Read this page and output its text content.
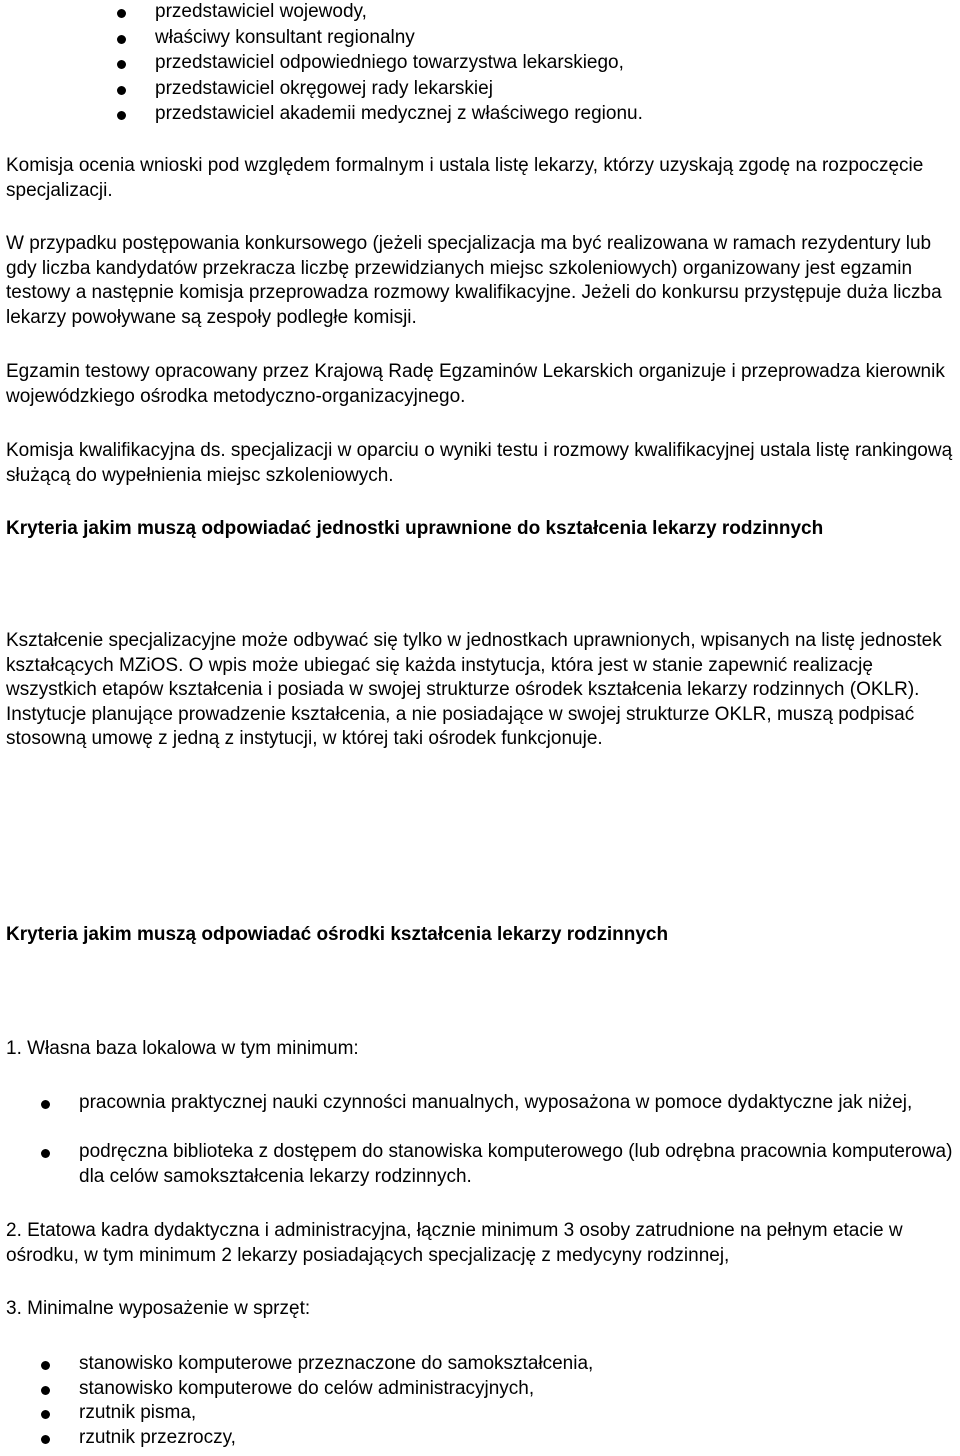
przedstawiciel wojewody,
właściwy konsultant regionalny
przedstawiciel odpowiedniego towarzystwa lekarskiego,
przedstawiciel okręgowej rady lekarskiej
przedstawiciel akademii medycznej z właściwego regionu.

Komisja ocenia wnioski pod względem formalnym i ustala listę lekarzy, którzy uzyskają zgodę na rozpoczęcie specjalizacji.

W przypadku postępowania konkursowego (jeżeli specjalizacja ma być realizowana w ramach rezydentury lub gdy liczba kandydatów przekracza liczbę przewidzianych miejsc szkoleniowych) organizowany jest egzamin testowy a następnie komisja przeprowadza rozmowy kwalifikacyjne. Jeżeli do konkursu przystępuje duża liczba lekarzy powoływane są zespoły podległe komisji.

Egzamin testowy opracowany przez Krajową Radę Egzaminów Lekarskich organizuje i przeprowadza kierownik wojewódzkiego ośrodka metodyczno-organizacyjnego.

Komisja kwalifikacyjna ds. specjalizacji w oparciu o wyniki testu i rozmowy kwalifikacyjnej ustala listę rankingową służącą do wypełnienia miejsc szkoleniowych.

Kryteria jakim muszą odpowiadać jednostki uprawnione do kształcenia lekarzy rodzinnych

Kształcenie specjalizacyjne może odbywać się tylko w jednostkach uprawnionych, wpisanych na listę jednostek kształcących MZiOS. O wpis może ubiegać się każda instytucja, która jest w stanie zapewnić realizację wszystkich etapów kształcenia i posiada w swojej strukturze ośrodek kształcenia lekarzy rodzinnych (OKLR). Instytucje planujące prowadzenie kształcenia, a nie posiadające w swojej strukturze OKLR, muszą podpisać stosowną umowę z jedną z instytucji, w której taki ośrodek funkcjonuje.

Kryteria jakim muszą odpowiadać ośrodki kształcenia lekarzy rodzinnych

1. Własna baza lokalowa w tym minimum:

pracownia praktycznej nauki czynności manualnych, wyposażona w pomoce dydaktyczne jak niżej,
podręczna biblioteka z dostępem do stanowiska komputerowego (lub odrębna pracownia komputerowa) dla celów samokształcenia lekarzy rodzinnych.

2. Etatowa kadra dydaktyczna i administracyjna, łącznie minimum 3 osoby zatrudnione na pełnym etacie w ośrodku, w tym minimum 2 lekarzy posiadających specjalizację z medycyny rodzinnej,

3. Minimalne wyposażenie w sprzęt:

stanowisko komputerowe przeznaczone do samokształcenia,
stanowisko komputerowe do celów administracyjnych,
rzutnik pisma,
rzutnik przezroczy,
